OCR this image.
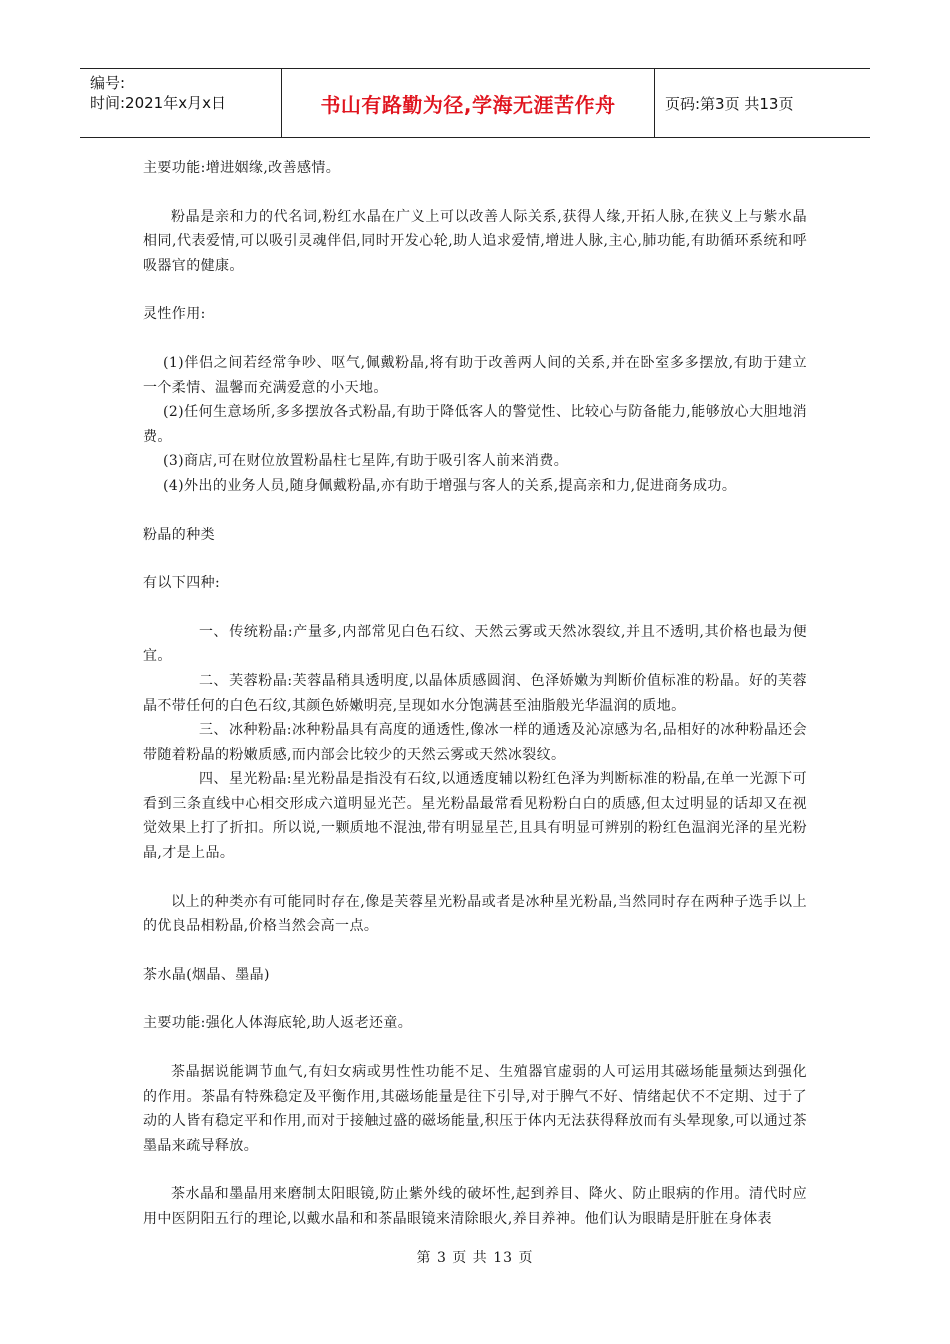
编号:
时间:2021年x月x日	书山有路勤为径,学海无涯苦作舟	页码:第3页 共13页

主要功能:增进姻缘,改善感情。

粉晶是亲和力的代名词,粉红水晶在广义上可以改善人际关系,获得人缘,开拓人脉,在狭义上与紫水晶相同,代表爱情,可以吸引灵魂伴侣,同时开发心轮,助人追求爱情,增进人脉,主心,肺功能,有助循环系统和呼吸器官的健康。

灵性作用:

(1)伴侣之间若经常争吵、呕气,佩戴粉晶,将有助于改善两人间的关系,并在卧室多多摆放,有助于建立一个柔情、温馨而充满爱意的小天地。

(2)任何生意场所,多多摆放各式粉晶,有助于降低客人的警觉性、比较心与防备能力,能够放心大胆地消费。

(3)商店,可在财位放置粉晶柱七星阵,有助于吸引客人前来消费。

(4)外出的业务人员,随身佩戴粉晶,亦有助于增强与客人的关系,提高亲和力,促进商务成功。

粉晶的种类

有以下四种:

一、传统粉晶:产量多,内部常见白色石纹、天然云雾或天然冰裂纹,并且不透明,其价格也最为便宜。

二、芙蓉粉晶:芙蓉晶稍具透明度,以晶体质感圆润、色泽娇嫩为判断价值标准的粉晶。好的芙蓉晶不带任何的白色石纹,其颜色娇嫩明亮,呈现如水分饱满甚至油脂般光华温润的质地。

三、冰种粉晶:冰种粉晶具有高度的通透性,像冰一样的通透及沁凉感为名,品相好的冰种粉晶还会带随着粉晶的粉嫩质感,而内部会比较少的天然云雾或天然冰裂纹。

四、星光粉晶:星光粉晶是指没有石纹,以通透度辅以粉红色泽为判断标准的粉晶,在单一光源下可看到三条直线中心相交形成六道明显光芒。星光粉晶最常看见粉粉白白的质感,但太过明显的话却又在视觉效果上打了折扣。所以说,一颗质地不混浊,带有明显星芒,且具有明显可辨别的粉红色温润光泽的星光粉晶,才是上品。

以上的种类亦有可能同时存在,像是芙蓉星光粉晶或者是冰种星光粉晶,当然同时存在两种子选手以上的优良品相粉晶,价格当然会高一点。

茶水晶(烟晶、墨晶)

主要功能:强化人体海底轮,助人返老还童。

茶晶据说能调节血气,有妇女病或男性性功能不足、生殖器官虚弱的人可运用其磁场能量频达到强化的作用。茶晶有特殊稳定及平衡作用,其磁场能量是往下引导,对于脾气不好、情绪起伏不不定期、过于了动的人皆有稳定平和作用,而对于接触过盛的磁场能量,积压于体内无法获得释放而有头晕现象,可以通过茶墨晶来疏导释放。

茶水晶和墨晶用来磨制太阳眼镜,防止紫外线的破坏性,起到养目、降火、防止眼病的作用。清代时应用中医阴阳五行的理论,以戴水晶和和茶晶眼镜来清除眼火,养目养神。他们认为眼睛是肝脏在身体表

第 3 页 共 13 页
